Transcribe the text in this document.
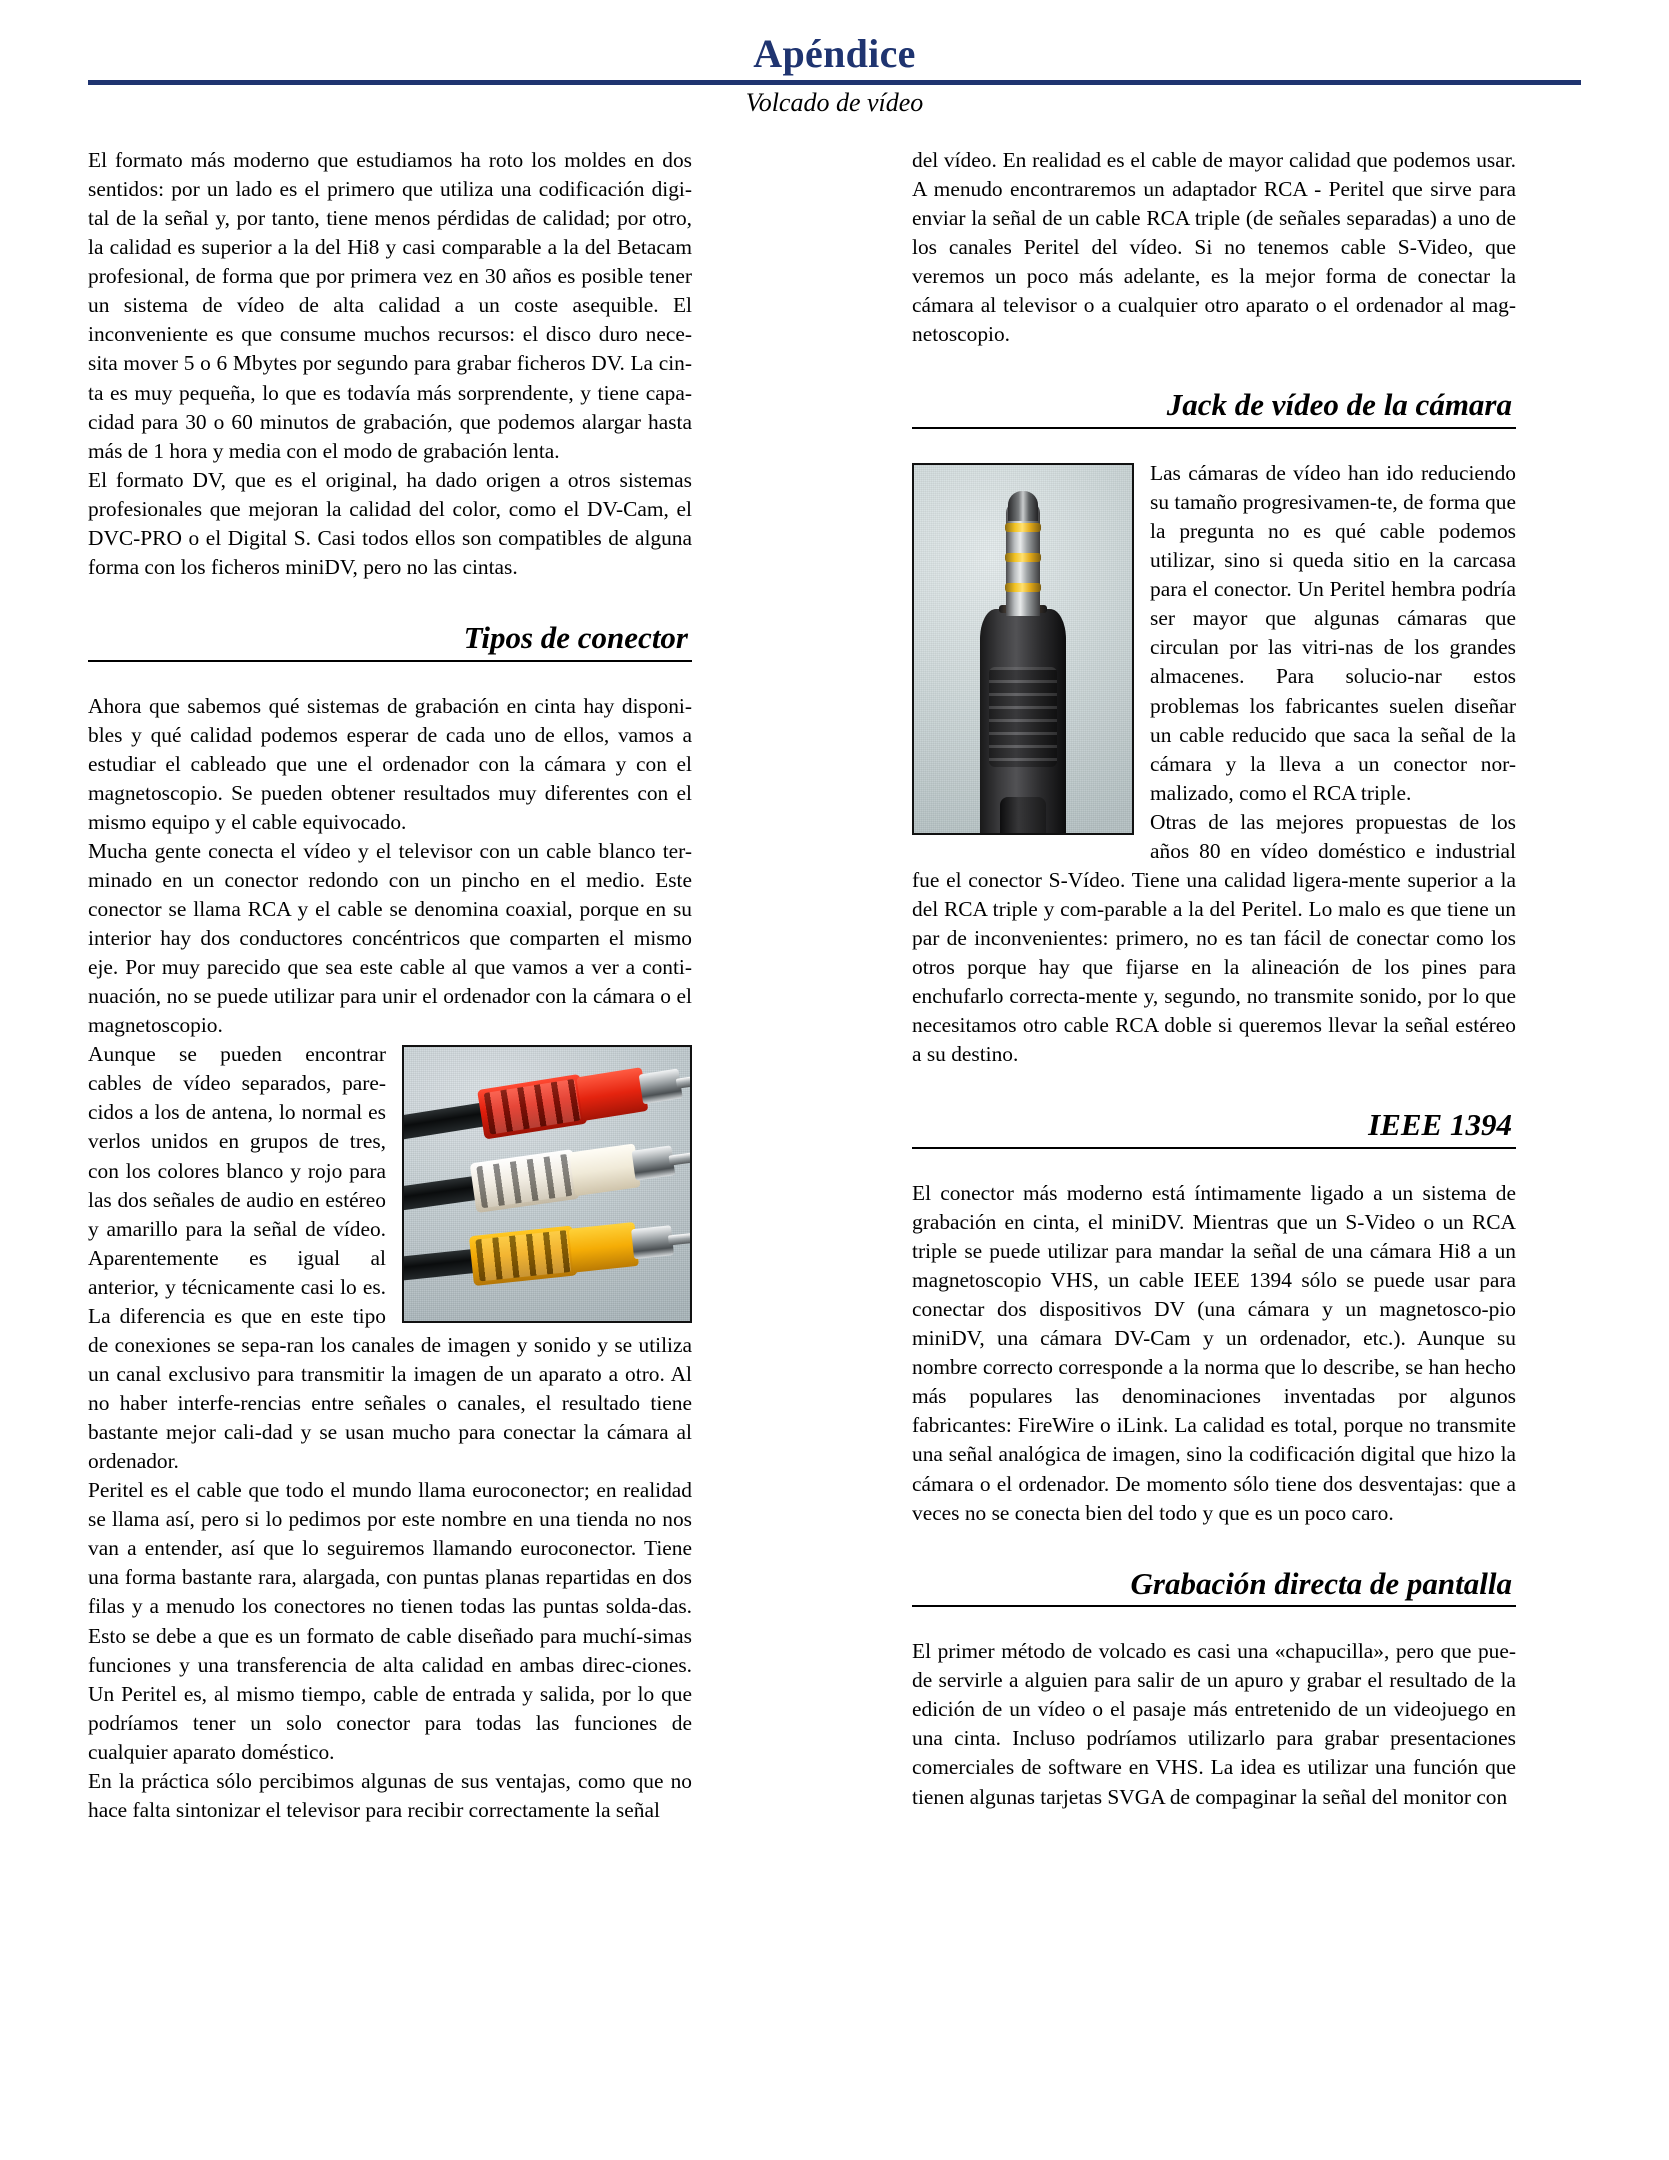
Apéndice
Volcado de vídeo

El formato más moderno que estudiamos ha roto los moldes en dos sentidos: por un lado es el primero que utiliza una codificación digi-tal de la señal y, por tanto, tiene menos pérdidas de calidad; por otro, la calidad es superior a la del Hi8 y casi comparable a la del Betacam profesional, de forma que por primera vez en 30 años es posible tener un sistema de vídeo de alta calidad a un coste asequible. El inconveniente es que consume muchos recursos: el disco duro nece-sita mover 5 o 6 Mbytes por segundo para grabar ficheros DV. La cin-ta es muy pequeña, lo que es todavía más sorprendente, y tiene capa-cidad para 30 o 60 minutos de grabación, que podemos alargar hasta más de 1 hora y media con el modo de grabación lenta.

El formato DV, que es el original, ha dado origen a otros sistemas profesionales que mejoran la calidad del color, como el DV-Cam, el DVC-PRO o el Digital S. Casi todos ellos son compatibles de alguna forma con los ficheros miniDV, pero no las cintas.

Tipos de conector

Ahora que sabemos qué sistemas de grabación en cinta hay disponi-bles y qué calidad podemos esperar de cada uno de ellos, vamos a estudiar el cableado que une el ordenador con la cámara y con el magnetoscopio. Se pueden obtener resultados muy diferentes con el mismo equipo y el cable equivocado.

Mucha gente conecta el vídeo y el televisor con un cable blanco ter-minado en un conector redondo con un pincho en el medio. Este conector se llama RCA y el cable se denomina coaxial, porque en su interior hay dos conductores concéntricos que comparten el mismo eje. Por muy parecido que sea este cable al que vamos a ver a conti-nuación, no se puede utilizar para unir el ordenador con la cámara o el magnetoscopio.

Aunque se pueden encontrar cables de vídeo separados, pare-cidos a los de antena, lo normal es verlos unidos en grupos de tres, con los colores blanco y rojo para las dos señales de audio en estéreo y amarillo para la señal de vídeo. Aparentemente es igual al anterior, y técnicamente casi lo es. La diferencia es que en este tipo de conexiones se sepa-ran los canales de imagen y sonido y se utiliza un canal exclusivo para transmitir la imagen de un aparato a otro. Al no haber interfe-rencias entre señales o canales, el resultado tiene bastante mejor cali-dad y se usan mucho para conectar la cámara al ordenador.

Peritel es el cable que todo el mundo llama euroconector; en realidad se llama así, pero si lo pedimos por este nombre en una tienda no nos van a entender, así que lo seguiremos llamando euroconector. Tiene una forma bastante rara, alargada, con puntas planas repartidas en dos filas y a menudo los conectores no tienen todas las puntas solda-das. Esto se debe a que es un formato de cable diseñado para muchí-simas funciones y una transferencia de alta calidad en ambas direc-ciones. Un Peritel es, al mismo tiempo, cable de entrada y salida, por lo que podríamos tener un solo conector para todas las funciones de cualquier aparato doméstico.

En la práctica sólo percibimos algunas de sus ventajas, como que no hace falta sintonizar el televisor para recibir correctamente la señal

del vídeo. En realidad es el cable de mayor calidad que podemos usar. A menudo encontraremos un adaptador RCA - Peritel que sirve para enviar la señal de un cable RCA triple (de señales separadas) a uno de los canales Peritel del vídeo. Si no tenemos cable S-Video, que veremos un poco más adelante, es la mejor forma de conectar la cámara al televisor o a cualquier otro aparato o el ordenador al mag-netoscopio.

Jack de vídeo de la cámara

Las cámaras de vídeo han ido reduciendo su tamaño progresivamen-te, de forma que la pregunta no es qué cable podemos utilizar, sino si queda sitio en la carcasa para el conector. Un Peritel hembra podría ser mayor que algunas cámaras que circulan por las vitri-nas de los grandes almacenes. Para solucio-nar estos problemas los fabricantes suelen diseñar un cable reducido que saca la señal de la cámara y la lleva a un conector nor-malizado, como el RCA triple.

Otras de las mejores propuestas de los años 80 en vídeo doméstico e industrial fue el conector S-Vídeo. Tiene una calidad ligera-mente superior a la del RCA triple y com-parable a la del Peritel. Lo malo es que tiene un par de inconvenientes: primero, no es tan fácil de conectar como los otros porque hay que fijarse en la alineación de los pines para enchufarlo correcta-mente y, segundo, no transmite sonido, por lo que necesitamos otro cable RCA doble si queremos llevar la señal estéreo a su destino.

IEEE 1394

El conector más moderno está íntimamente ligado a un sistema de grabación en cinta, el miniDV. Mientras que un S-Video o un RCA triple se puede utilizar para mandar la señal de una cámara Hi8 a un magnetoscopio VHS, un cable IEEE 1394 sólo se puede usar para conectar dos dispositivos DV (una cámara y un magnetosco-pio miniDV, una cámara DV-Cam y un ordenador, etc.). Aunque su nombre correcto corresponde a la norma que lo describe, se han hecho más populares las denominaciones inventadas por algunos fabricantes: FireWire o iLink. La calidad es total, porque no transmite una señal analógica de imagen, sino la codificación digital que hizo la cámara o el ordenador. De momento sólo tiene dos desventajas: que a veces no se conecta bien del todo y que es un poco caro.

Grabación directa de pantalla

El primer método de volcado es casi una «chapucilla», pero que pue-de servirle a alguien para salir de un apuro y grabar el resultado de la edición de un vídeo o el pasaje más entretenido de un videojuego en una cinta. Incluso podríamos utilizarlo para grabar presentaciones comerciales de software en VHS. La idea es utilizar una función que tienen algunas tarjetas SVGA de compaginar la señal del monitor con
